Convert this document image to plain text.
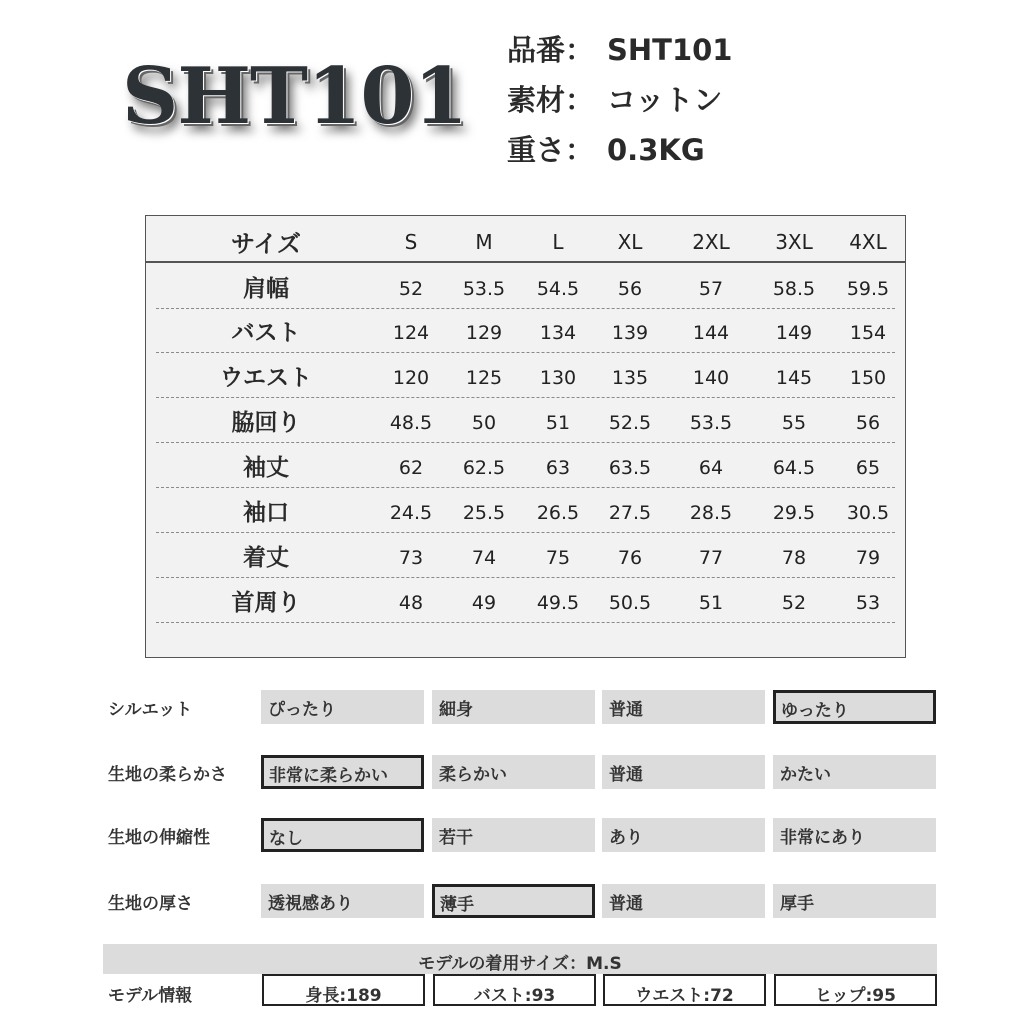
SHT101
品番： SHT101
素材： コットン
重さ： 0.3KG
サイズ	S	M	L	XL	2XL	3XL	4XL
肩幅	52	53.5	54.5	56	57	58.5	59.5
バスト	124	129	134	139	144	149	154
ウエスト	120	125	130	135	140	145	150
脇回り	48.5	50	51	52.5	53.5	55	56
袖丈	62	62.5	63	63.5	64	64.5	65
袖口	24.5	25.5	26.5	27.5	28.5	29.5	30.5
着丈	73	74	75	76	77	78	79
首周り	48	49	49.5	50.5	51	52	53
シルエット	ぴったり	細身	普通	ゆったり
生地の柔らかさ	非常に柔らかい	柔らかい	普通	かたい
生地の伸縮性	なし	若干	あり	非常にあり
生地の厚さ	透視感あり	薄手	普通	厚手
モデルの着用サイズ：M.S
モデル情報	身長:189	バスト:93	ウエスト:72	ヒップ:95
